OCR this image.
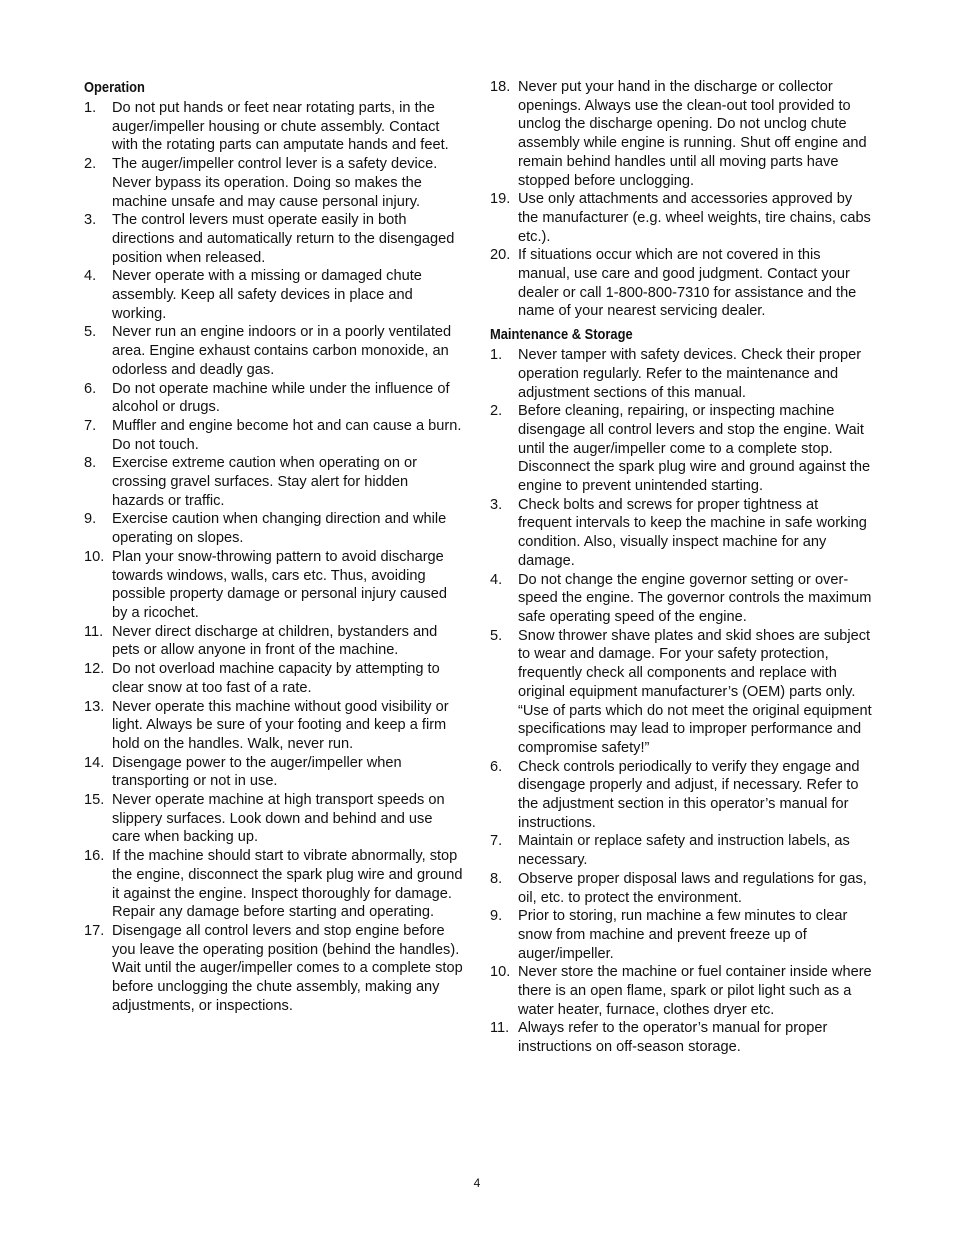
Operation
1. Do not put hands or feet near rotating parts, in the auger/impeller housing or chute assembly. Contact with the rotating parts can amputate hands and feet.
2. The auger/impeller control lever is a safety device. Never bypass its operation. Doing so makes the machine unsafe and may cause personal injury.
3. The control levers must operate easily in both directions and automatically return to the disengaged position when released.
4. Never operate with a missing or damaged chute assembly. Keep all safety devices in place and working.
5. Never run an engine indoors or in a poorly ventilated area. Engine exhaust contains carbon monoxide, an odorless and deadly gas.
6. Do not operate machine while under the influence of alcohol or drugs.
7. Muffler and engine become hot and can cause a burn. Do not touch.
8. Exercise extreme caution when operating on or crossing gravel surfaces. Stay alert for hidden hazards or traffic.
9. Exercise caution when changing direction and while operating on slopes.
10. Plan your snow-throwing pattern to avoid discharge towards windows, walls, cars etc. Thus, avoiding possible property damage or personal injury caused by a ricochet.
11. Never direct discharge at children, bystanders and pets or allow anyone in front of the machine.
12. Do not overload machine capacity by attempting to clear snow at too fast of a rate.
13. Never operate this machine without good visibility or light. Always be sure of your footing and keep a firm hold on the handles. Walk, never run.
14. Disengage power to the auger/impeller when transporting or not in use.
15. Never operate machine at high transport speeds on slippery surfaces. Look down and behind and use care when backing up.
16. If the machine should start to vibrate abnormally, stop the engine, disconnect the spark plug wire and ground it against the engine. Inspect thoroughly for damage. Repair any damage before starting and operating.
17. Disengage all control levers and stop engine before you leave the operating position (behind the handles). Wait until the auger/impeller comes to a complete stop before unclogging the chute assembly, making any adjustments, or inspections.
18. Never put your hand in the discharge or collector openings. Always use the clean-out tool provided to unclog the discharge opening. Do not unclog chute assembly while engine is running. Shut off engine and remain behind handles until all moving parts have stopped before unclogging.
19. Use only attachments and accessories approved by the manufacturer (e.g. wheel weights, tire chains, cabs etc.).
20. If situations occur which are not covered in this manual, use care and good judgment. Contact your dealer or call 1-800-800-7310 for assistance and the name of your nearest servicing dealer.
Maintenance & Storage
1. Never tamper with safety devices. Check their proper operation regularly. Refer to the maintenance and adjustment sections of this manual.
2. Before cleaning, repairing, or inspecting machine disengage all control levers and stop the engine. Wait until the auger/impeller come to a complete stop. Disconnect the spark plug wire and ground against the engine to prevent unintended starting.
3. Check bolts and screws for proper tightness at frequent intervals to keep the machine in safe working condition. Also, visually inspect machine for any damage.
4. Do not change the engine governor setting or over-speed the engine. The governor controls the maximum safe operating speed of the engine.
5. Snow thrower shave plates and skid shoes are subject to wear and damage. For your safety protection, frequently check all components and replace with original equipment manufacturer’s (OEM) parts only. “Use of parts which do not meet the original equipment specifications may lead to improper performance and compromise safety!”
6. Check controls periodically to verify they engage and disengage properly and adjust, if necessary. Refer to the adjustment section in this operator’s manual for instructions.
7. Maintain or replace safety and instruction labels, as necessary.
8. Observe proper disposal laws and regulations for gas, oil, etc. to protect the environment.
9. Prior to storing, run machine a few minutes to clear snow from machine and prevent freeze up of auger/impeller.
10. Never store the machine or fuel container inside where there is an open flame, spark or pilot light such as a water heater, furnace, clothes dryer etc.
11. Always refer to the operator’s manual for proper instructions on off-season storage.
4
